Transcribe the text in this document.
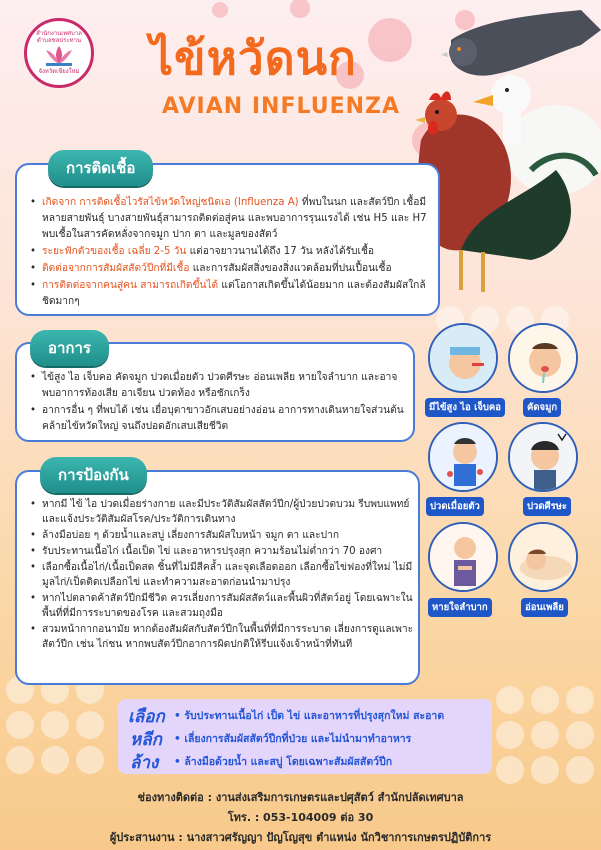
สำนักงานเทศบาลตำบลชลประทาน
จังหวัดเชียงใหม่ ไข้หวัดนก
AVIAN INFLUENZA
การติดเชื้อ
• เกิดจาก การติดเชื้อไวรัสไข้หวัดใหญ่ชนิดเอ (Influenza A) ที่พบในนก และสัตว์ปีก เชื้อมีหลายสายพันธุ์ บางสายพันธุ์สามารถติดต่อสู่คน และพบอาการรุนแรงได้ เช่น H5 และ H7 พบเชื้อในสารคัดหลั่งจากจมูก ปาก ตา และมูลของสัตว์
• ระยะฟักตัวของเชื้อ เฉลี่ย 2-5 วัน แต่อาจยาวนานได้ถึง 17 วัน หลังได้รับเชื้อ
• ติดต่อจากการสัมผัสสัตว์ปีกที่มีเชื้อ และการสัมผัสสิ่งของสิ่งแวดล้อมที่ปนเปื้อนเชื้อ
• การติดต่อจากคนสู่คน สามารถเกิดขึ้นได้ แต่โอกาสเกิดขึ้นได้น้อยมาก และต้องสัมผัสใกล้ชิดมากๆ
อาการ
• ไข้สูง ไอ เจ็บคอ คัดจมูก ปวดเมื่อยตัว ปวดศีรษะ อ่อนเพลีย หายใจลำบาก และอาจพบอาการท้องเสีย อาเจียน ปวดท้อง หรือชักเกร็ง
• อาการอื่น ๆ ที่พบได้ เช่น เยื่อบุตาขาวอักเสบอย่างอ่อน อาการทางเดินหายใจส่วนต้นคล้ายไข้หวัดใหญ่ จนถึงปอดอักเสบเสียชีวิต
มีไข้สูง ไอ เจ็บคอ	คัดจมูก
ปวดเมื่อยตัว	ปวดศีรษะ
หายใจลำบาก	อ่อนเพลีย
การป้องกัน
• หากมี ไข้ ไอ ปวดเมื่อยร่างกาย และมีประวัติสัมผัสสัตว์ปีก/ผู้ป่วยปวดบวม รีบพบแพทย์ และแจ้งประวัติสัมผัสโรค/ประวัติการเดินทาง
• ล้างมือบ่อย ๆ ด้วยน้ำและสบู่ เลี่ยงการสัมผัสใบหน้า จมูก ตา และปาก
• รับประทานเนื้อไก่ เนื้อเป็ด ไข่ และอาหารปรุงสุก ความร้อนไม่ต่ำกว่า 70 องศา
• เลือกซื้อเนื้อไก่/เนื้อเป็ดสด ชิ้นที่ไม่มีสีคล้ำ และจุดเลือดออก เลือกซื้อไข่ฟองที่ใหม่ ไม่มีมูลไก่/เป็ดติดเปลือกไข่ และทำความสะอาดก่อนนำมาปรุง
• หากไปตลาดค้าสัตว์ปีกมีชีวิต ควรเลี่ยงการสัมผัสสัตว์และพื้นผิวที่สัตว์อยู่ โดยเฉพาะในพื้นที่ที่มีการระบาดของโรค และสวมถุงมือ
• สวมหน้ากากอนามัย หากต้องสัมผัสกับสัตว์ปีกในพื้นที่ที่มีการระบาด เลี่ยงการดูแลเพาะสัตว์ปีก เช่น ไก่ชน หากพบสัตว์ปีกอาการผิดปกติให้รีบแจ้งเจ้าหน้าที่ทันที
เลือก
หลีก
ล้าง
• รับประทานเนื้อไก่ เป็ด ไข่ และอาหารที่ปรุงสุกใหม่ สะอาด
• เลี่ยงการสัมผัสสัตว์ปีกที่ป่วย และไม่นำมาทำอาหาร
• ล้างมือด้วยน้ำ และสบู่ โดยเฉพาะสัมผัสสัตว์ปีก
ช่องทางติดต่อ : งานส่งเสริมการเกษตรและปศุสัตว์ สำนักปลัดเทศบาล
โทร. : 053-104009 ต่อ 30
ผู้ประสานงาน : นางสาวศรัญญา ปัญโญสุข ตำแหน่ง นักวิชาการเกษตรปฏิบัติการ
